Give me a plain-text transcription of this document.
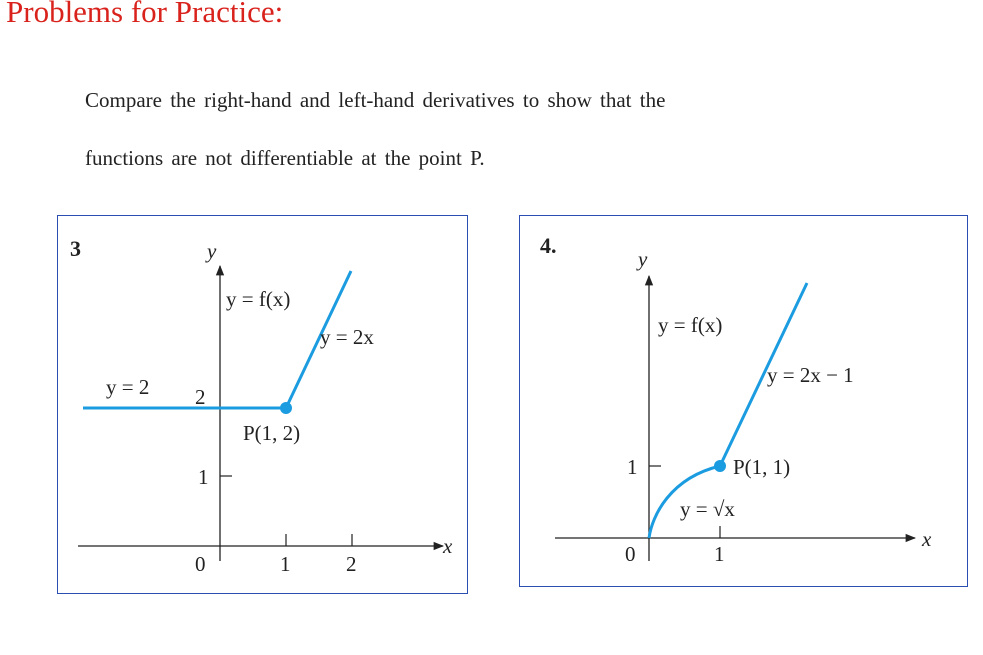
Problems for Practice:
Compare the right-hand and left-hand derivatives to show that the
functions are not differentiable at the point P.
3	y
x
0	1	2
1
2
y = f(x)
y = 2x
y = 2
P(1, 2)
4.
y
x
0	1
1
y = f(x)
y = 2x − 1
P(1, 1)
y = √x
